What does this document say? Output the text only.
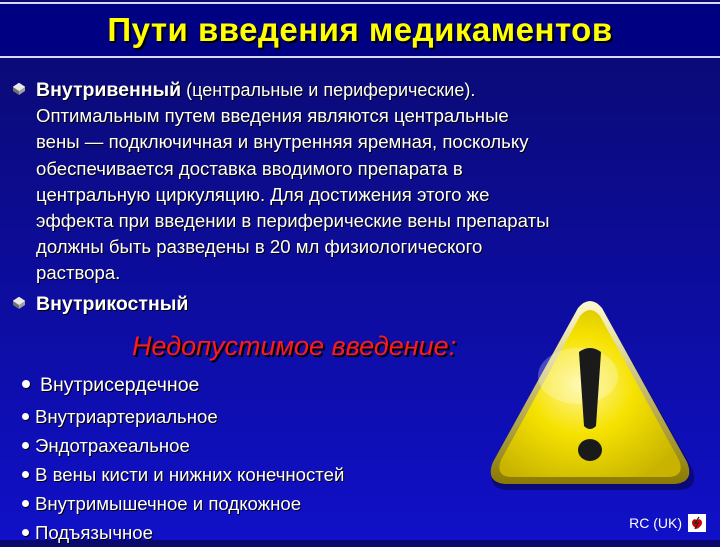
Пути введения медикаментов
Внутривенный (центральные и периферические).
Оптимальным путем введения являются центральные
вены — подключичная и внутренняя яремная, поскольку
обеспечивается доставка вводимого препарата в
центральную циркуляцию. Для достижения этого же
эффекта при введении в периферические вены препараты
должны быть разведены в 20 мл физиологического
раствора.
Внутрикостный
Недопустимое введение:
Внутрисердечное
Внутриартериальное
Эндотрахеальное
В вены кисти и нижних конечностей
Внутримышечное и подкожное
Подъязычное	RC (UK)
